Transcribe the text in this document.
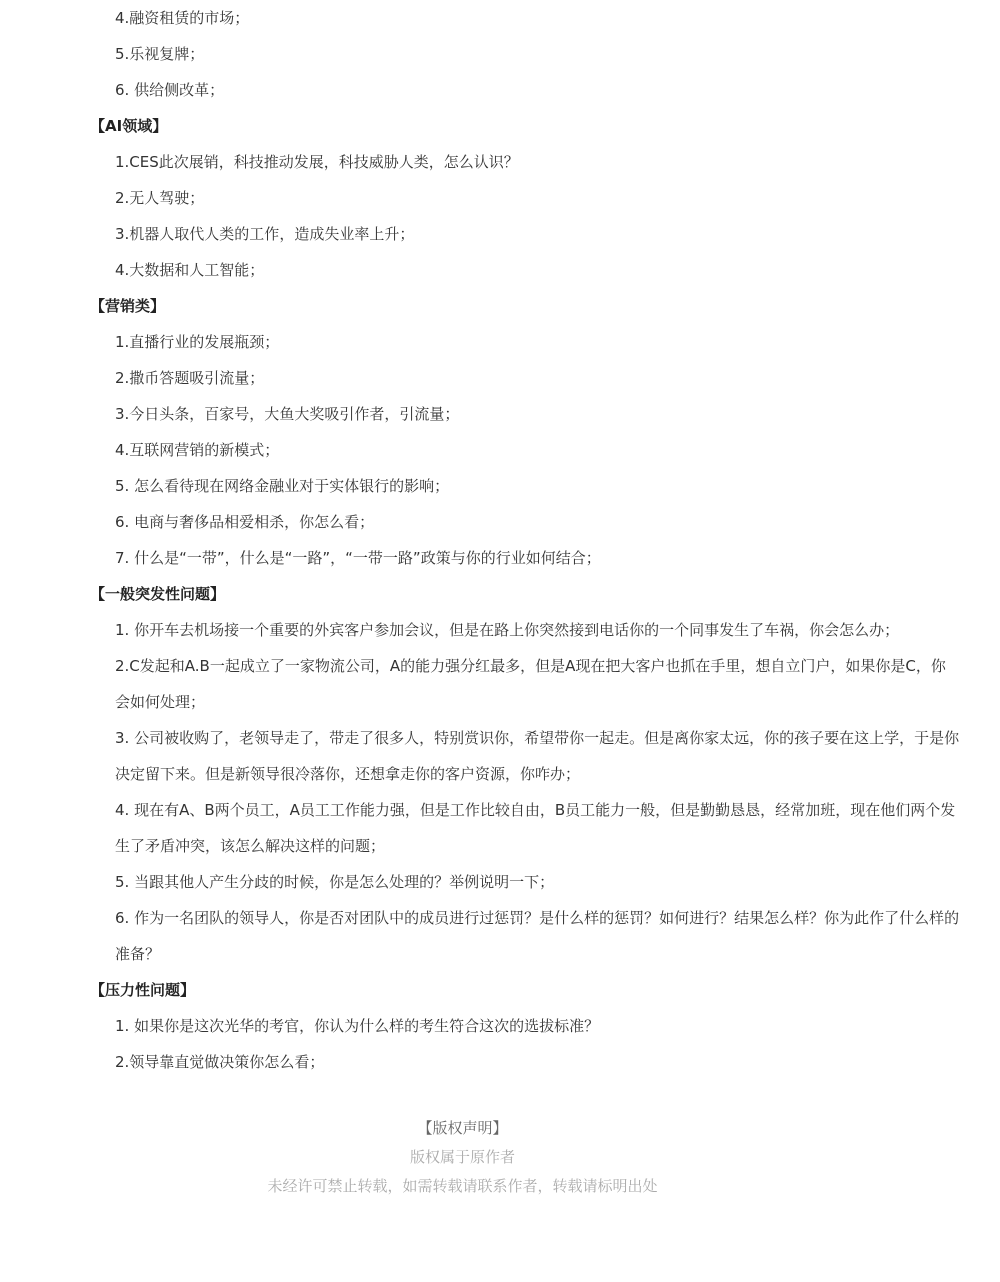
4.融资租赁的市场；
5.乐视复牌；
6. 供给侧改革；
【AI领域】
1.CES此次展销，科技推动发展，科技威胁人类，怎么认识？
2.无人驾驶；
3.机器人取代人类的工作，造成失业率上升；
4.大数据和人工智能；
【营销类】
1.直播行业的发展瓶颈；
2.撒币答题吸引流量；
3.今日头条，百家号，大鱼大奖吸引作者，引流量；
4.互联网营销的新模式；
5. 怎么看待现在网络金融业对于实体银行的影响；
6. 电商与奢侈品相爱相杀，你怎么看；
7. 什么是“一带”，什么是“一路”，“一带一路”政策与你的行业如何结合；
【一般突发性问题】
1. 你开车去机场接一个重要的外宾客户参加会议，但是在路上你突然接到电话你的一个同事发生了车祸，你会怎么办；
2.C发起和A.B一起成立了一家物流公司，A的能力强分红最多，但是A现在把大客户也抓在手里，想自立门户，如果你是C，你会如何处理；
3. 公司被收购了，老领导走了，带走了很多人，特别赏识你，希望带你一起走。但是离你家太远，你的孩子要在这上学，于是你决定留下来。但是新领导很冷落你，还想拿走你的客户资源，你咋办；
4. 现在有A、B两个员工，A员工工作能力强，但是工作比较自由，B员工能力一般，但是勤勤恳恳，经常加班，现在他们两个发生了矛盾冲突，该怎么解决这样的问题；
5. 当跟其他人产生分歧的时候，你是怎么处理的？举例说明一下；
6. 作为一名团队的领导人，你是否对团队中的成员进行过惩罚？是什么样的惩罚？如何进行？结果怎么样？你为此作了什么样的准备？
【压力性问题】
1. 如果你是这次光华的考官，你认为什么样的考生符合这次的选拔标准？
2.领导靠直觉做决策你怎么看；
【版权声明】
版权属于原作者
未经许可禁止转载，如需转载请联系作者，转载请标明出处
